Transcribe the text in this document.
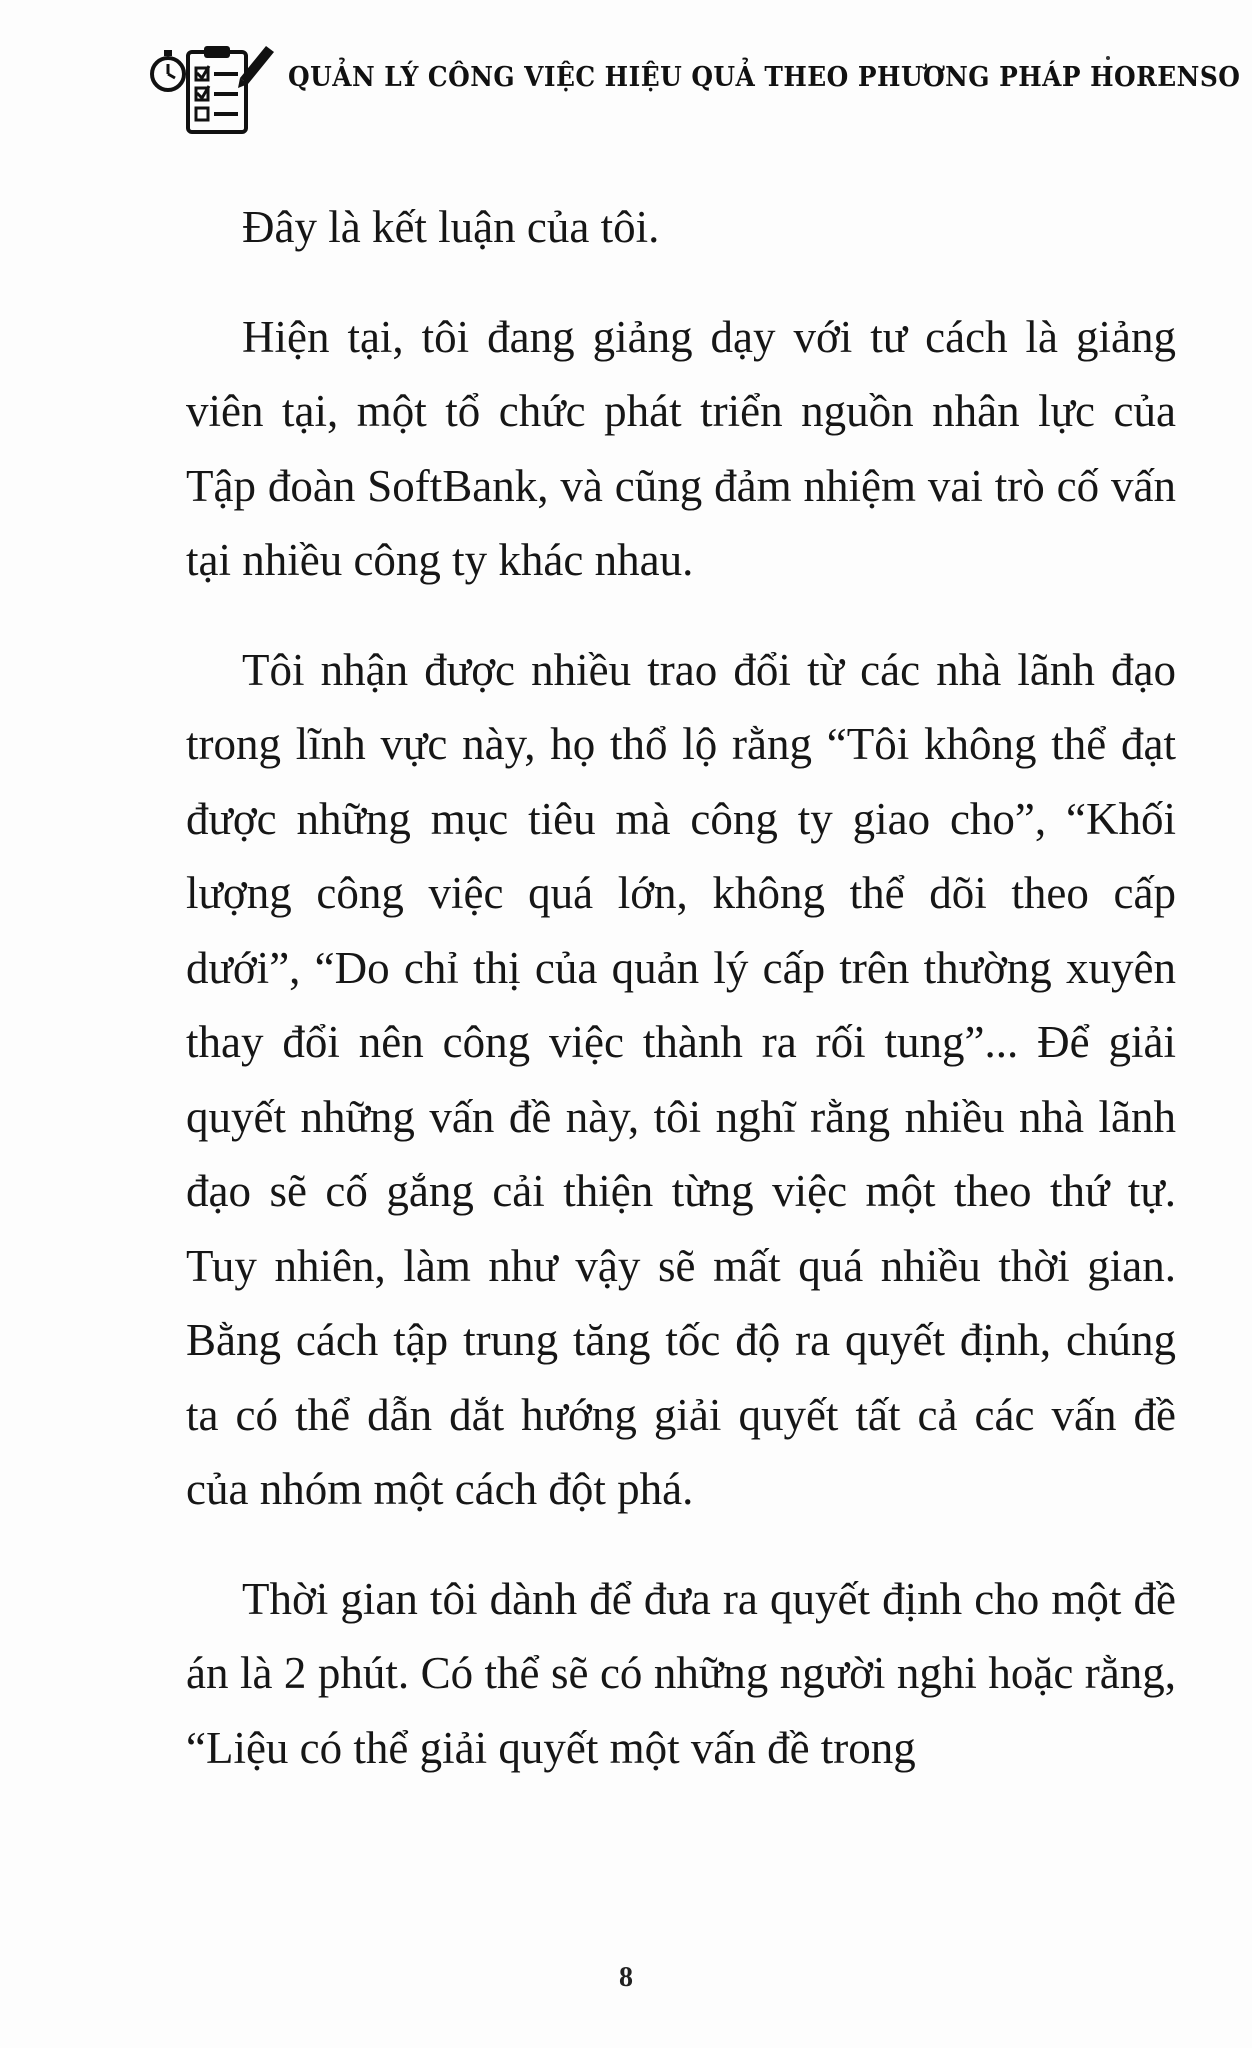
QUẢN LÝ CÔNG VIỆC HIỆU QUẢ THEO PHƯƠNG PHÁP HORENSO

Đây là kết luận của tôi.

Hiện tại, tôi đang giảng dạy với tư cách là giảng viên tại, một tổ chức phát triển nguồn nhân lực của Tập đoàn SoftBank, và cũng đảm nhiệm vai trò cố vấn tại nhiều công ty khác nhau.

Tôi nhận được nhiều trao đổi từ các nhà lãnh đạo trong lĩnh vực này, họ thổ lộ rằng “Tôi không thể đạt được những mục tiêu mà công ty giao cho”, “Khối lượng công việc quá lớn, không thể dõi theo cấp dưới”, “Do chỉ thị của quản lý cấp trên thường xuyên thay đổi nên công việc thành ra rối tung”... Để giải quyết những vấn đề này, tôi nghĩ rằng nhiều nhà lãnh đạo sẽ cố gắng cải thiện từng việc một theo thứ tự. Tuy nhiên, làm như vậy sẽ mất quá nhiều thời gian. Bằng cách tập trung tăng tốc độ ra quyết định, chúng ta có thể dẫn dắt hướng giải quyết tất cả các vấn đề của nhóm một cách đột phá.

Thời gian tôi dành để đưa ra quyết định cho một đề án là 2 phút. Có thể sẽ có những người nghi hoặc rằng, “Liệu có thể giải quyết một vấn đề trong

8
